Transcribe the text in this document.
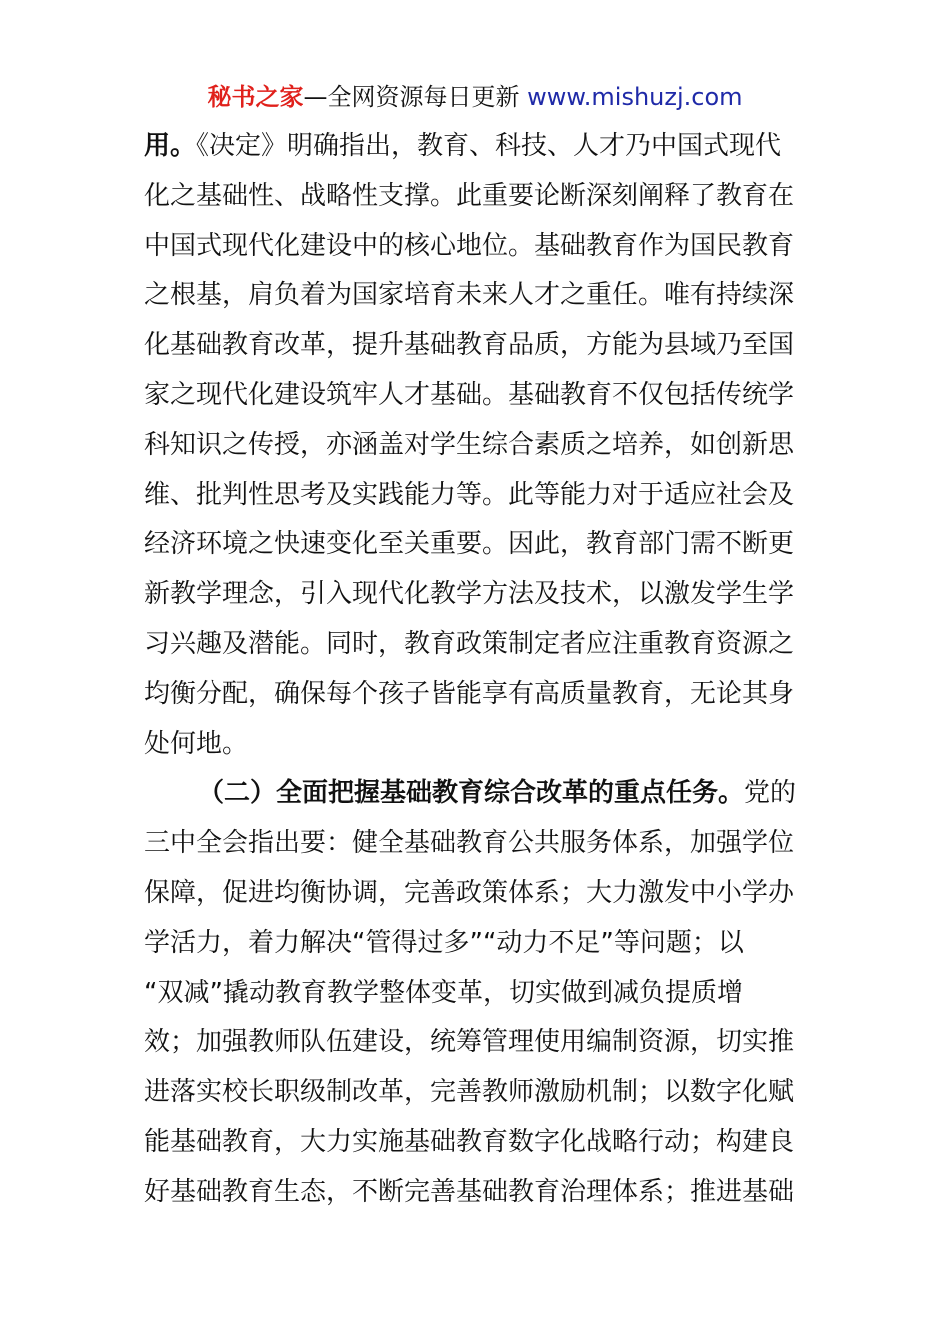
秘书之家—全网资源每日更新 www.mishuzj.com
用。《决定》明确指出，教育、科技、人才乃中国式现代
化之基础性、战略性支撑。此重要论断深刻阐释了教育在
中国式现代化建设中的核心地位。基础教育作为国民教育
之根基，肩负着为国家培育未来人才之重任。唯有持续深
化基础教育改革，提升基础教育品质，方能为县域乃至国
家之现代化建设筑牢人才基础。基础教育不仅包括传统学
科知识之传授，亦涵盖对学生综合素质之培养，如创新思
维、批判性思考及实践能力等。此等能力对于适应社会及
经济环境之快速变化至关重要。因此，教育部门需不断更
新教学理念，引入现代化教学方法及技术，以激发学生学
习兴趣及潜能。同时，教育政策制定者应注重教育资源之
均衡分配，确保每个孩子皆能享有高质量教育，无论其身
处何地。
（二）全面把握基础教育综合改革的重点任务。党的
三中全会指出要：健全基础教育公共服务体系，加强学位
保障，促进均衡协调，完善政策体系；大力激发中小学办
学活力，着力解决“管得过多”“动力不足”等问题；以
“双减”撬动教育教学整体变革，切实做到减负提质增
效；加强教师队伍建设，统筹管理使用编制资源，切实推
进落实校长职级制改革，完善教师激励机制；以数字化赋
能基础教育，大力实施基础教育数字化战略行动；构建良
好基础教育生态，不断完善基础教育治理体系；推进基础
